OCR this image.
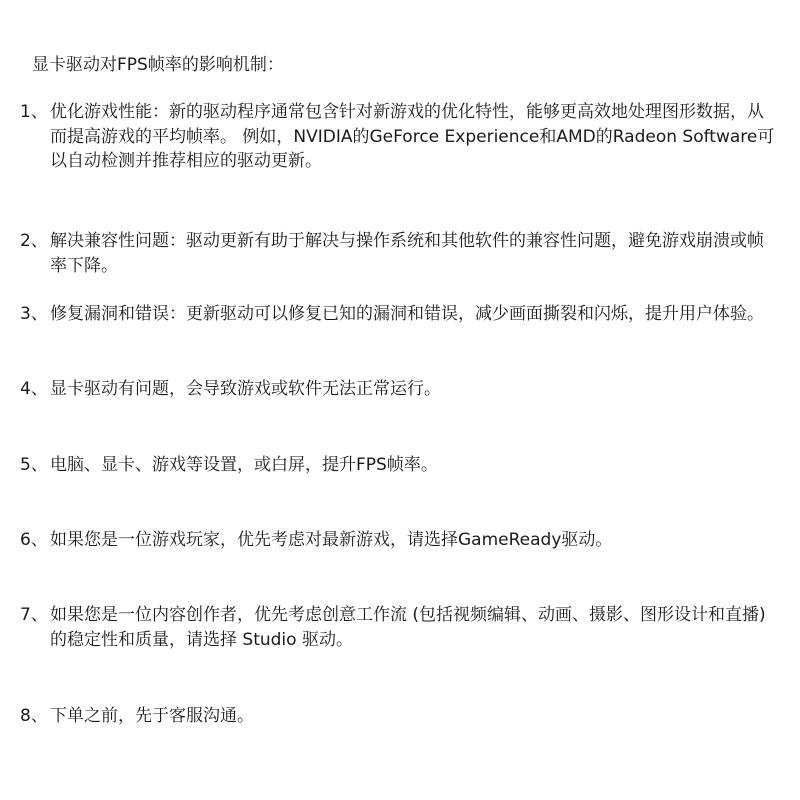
显卡驱动对FPS帧率的影响机制：
1、 优化游戏性能：新的驱动程序通常包含针对新游戏的优化特性，能够更高效地处理图形数据，从而提高游戏的平均帧率。 例如，NVIDIA的GeForce Experience和AMD的Radeon Software可以自动检测并推荐相应的驱动更新。
2、 解决兼容性问题：驱动更新有助于解决与操作系统和其他软件的兼容性问题，避免游戏崩溃或帧率下降。
3、 修复漏洞和错误：更新驱动可以修复已知的漏洞和错误，减少画面撕裂和闪烁，提升用户体验。
4、 显卡驱动有问题，会导致游戏或软件无法正常运行。
5、 电脑、显卡、游戏等设置，或白屏，提升FPS帧率。
6、 如果您是一位游戏玩家，优先考虑对最新游戏，请选择GameReady驱动。
7、 如果您是一位内容创作者，优先考虑创意工作流 (包括视频编辑、动画、摄影、图形设计和直播) 的稳定性和质量，请选择 Studio 驱动。
8、 下单之前，先于客服沟通。
